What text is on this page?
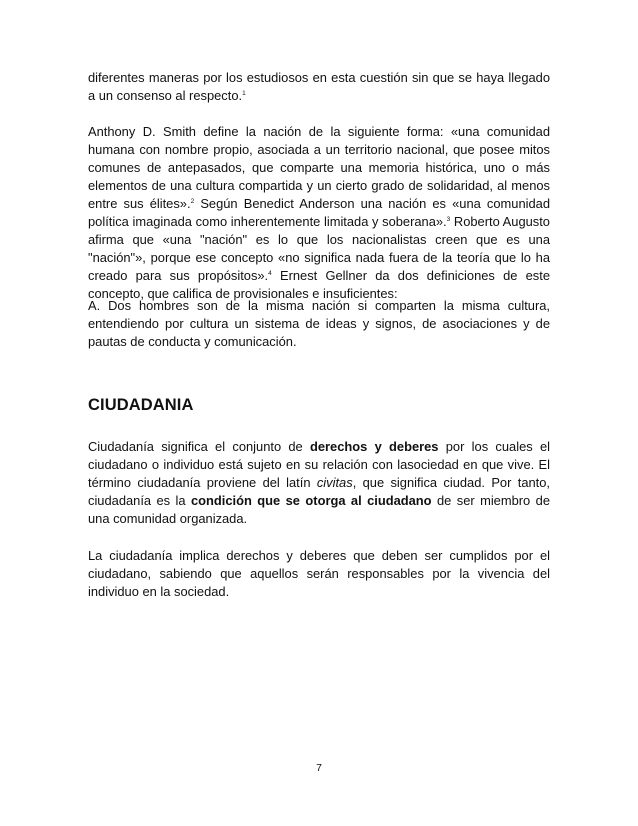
diferentes maneras por los estudiosos en esta cuestión sin que se haya llegado a un consenso al respecto.$^1$

Anthony D. Smith define la nación de la siguiente forma: «una comunidad humana con nombre propio, asociada a un territorio nacional, que posee mitos comunes de antepasados, que comparte una memoria histórica, uno o más elementos de una cultura compartida y un cierto grado de solidaridad, al menos entre sus élites».$^2$ Según Benedict Anderson una nación es «una comunidad política imaginada como inherentemente limitada y soberana».$^3$ Roberto Augusto afirma que «una "nación" es lo que los nacionalistas creen que es una "nación"», porque ese concepto «no significa nada fuera de la teoría que lo ha creado para sus propósitos».$^4$ Ernest Gellner da dos definiciones de este concepto, que califica de provisionales e insuficientes:

A. Dos hombres son de la misma nación si comparten la misma cultura, entendiendo por cultura un sistema de ideas y signos, de asociaciones y de pautas de conducta y comunicación.

CIUDADANIA

Ciudadanía significa el conjunto de derechos y deberes por los cuales el ciudadano o individuo está sujeto en su relación con lasociedad en que vive. El término ciudadanía proviene del latín civitas, que significa ciudad. Por tanto, ciudadanía es la condición que se otorga al ciudadano de ser miembro de una comunidad organizada.

La ciudadanía implica derechos y deberes que deben ser cumplidos por el ciudadano, sabiendo que aquellos serán responsables por la vivencia del individuo en la sociedad.

7
